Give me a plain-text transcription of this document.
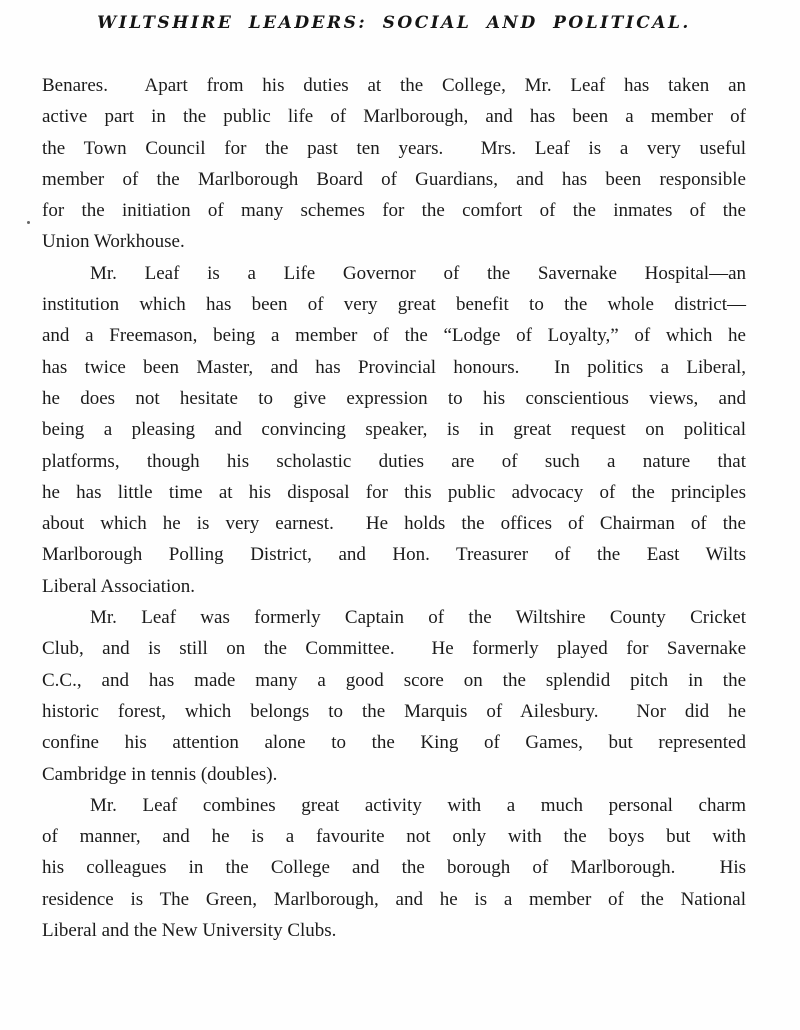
WILTSHIRE LEADERS: SOCIAL AND POLITICAL.
Benares.  Apart from his duties at the College, Mr. Leaf has taken an
active part in the public life of Marlborough, and has been a member of
the Town Council for the past ten years.  Mrs. Leaf is a very useful
member of the Marlborough Board of Guardians, and has been responsible
for the initiation of many schemes for the comfort of the inmates of the
Union Workhouse.
Mr. Leaf is a Life Governor of the Savernake Hospital—an
institution which has been of very great benefit to the whole district—
and a Freemason, being a member of the “Lodge of Loyalty,” of which he
has twice been Master, and has Provincial honours.  In politics a Liberal,
he does not hesitate to give expression to his conscientious views, and
being a pleasing and convincing speaker, is in great request on political
platforms, though his scholastic duties are of such a nature that
he has little time at his disposal for this public advocacy of the principles
about which he is very earnest.  He holds the offices of Chairman of the
Marlborough Polling District, and Hon. Treasurer of the East Wilts
Liberal Association.
Mr. Leaf was formerly Captain of the Wiltshire County Cricket
Club, and is still on the Committee.  He formerly played for Savernake
C.C., and has made many a good score on the splendid pitch in the
historic forest, which belongs to the Marquis of Ailesbury.  Nor did he
confine his attention alone to the King of Games, but represented
Cambridge in tennis (doubles).
Mr. Leaf combines great activity with a much personal charm
of manner, and he is a favourite not only with the boys but with
his colleagues in the College and the borough of Marlborough.  His
residence is The Green, Marlborough, and he is a member of the National
Liberal and the New University Clubs.
